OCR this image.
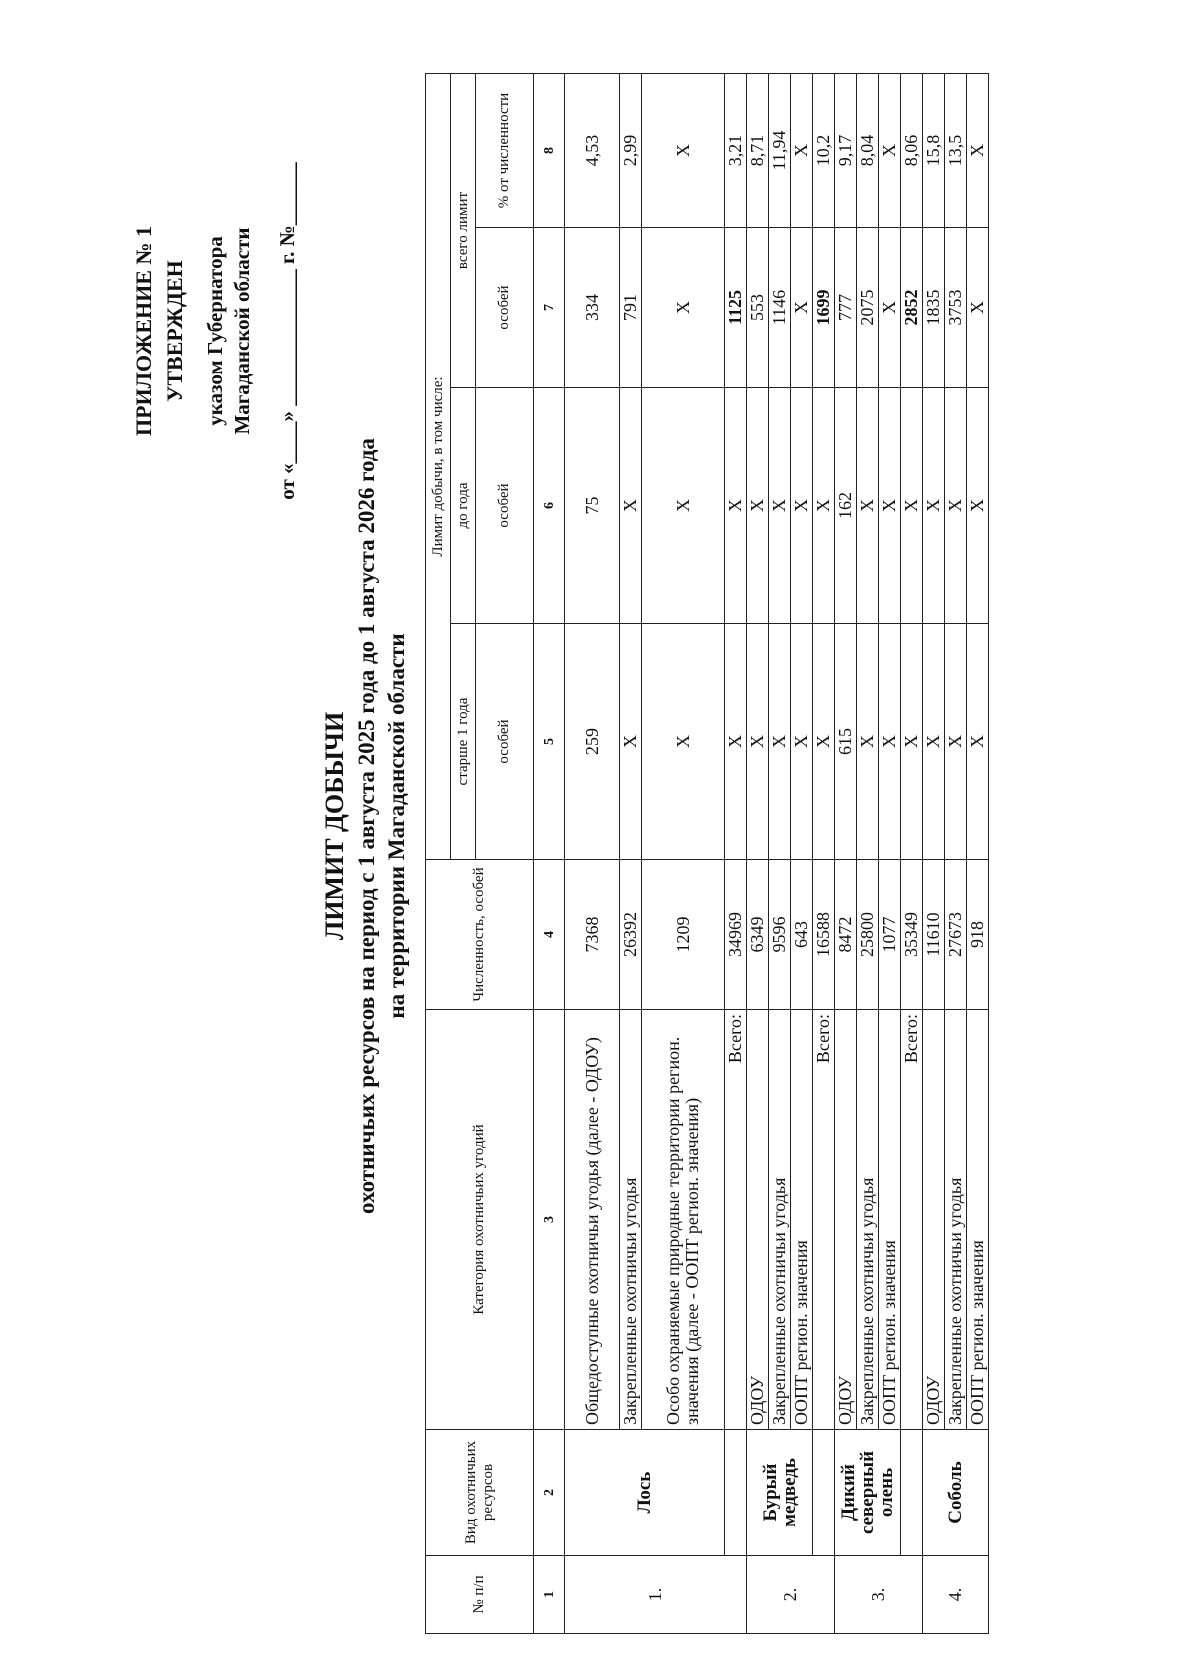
ПРИЛОЖЕНИЕ № 1 УТВЕРЖДЕН указом Губернатора Магаданской области от «____» _____________ г. №______
ЛИМИТ ДОБЫЧИ охотничьих ресурсов на период с 1 августа 2025 года до 1 августа 2026 года на территории Магаданской области
№ п/п	Вид охотничьих ресурсов	Категория охотничьих угодий	Численность, особей	Лимит добычи, в том числе:			
				старше 1 года	до года	всего лимит	
				особей	особей	особей	% от численности
1	2	3	4	5	6	7	8
1.	Лось	Общедоступные охотничьи угодья (далее - ОДОУ)	7368	259	75	334	4,53
		Закрепленные охотничьи угодья	26392	Х	Х	791	2,99
		Особо охраняемые природные территории регион. значения (далее - ООПТ регион. значения)	1209	Х	Х	Х	Х
		Всего:	34969	Х	Х	1125	3,21
2.	Бурый медведь	ОДОУ	6349	Х	Х	553	8,71
		Закрепленные охотничьи угодья	9596	Х	Х	1146	11,94
		ООПТ регион. значения	643	Х	Х	Х	Х
		Всего:	16588	Х	Х	1699	10,2
3.	Дикий северный олень	ОДОУ	8472	615	162	777	9,17
		Закрепленные охотничьи угодья	25800	Х	Х	2075	8,04
		ООПТ регион. значения	1077	Х	Х	Х	Х
		Всего:	35349	Х	Х	2852	8,06
4.	Соболь	ОДОУ	11610	Х	Х	1835	15,8
		Закрепленные охотничьи угодья	27673	Х	Х	3753	13,5
		ООПТ регион. значения	918	Х	Х	Х	Х
